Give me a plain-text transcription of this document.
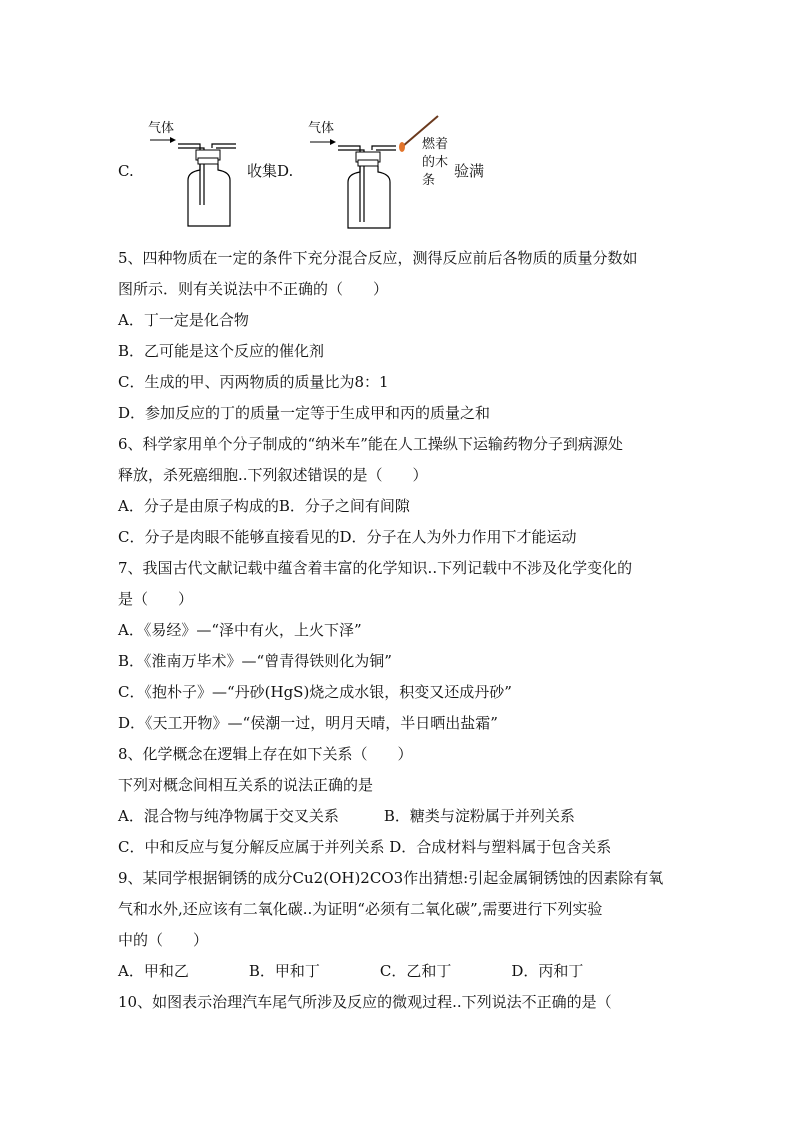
C.
气体
收集D.
气体
燃着
的木
条
验满
5、四种物质在一定的条件下充分混合反应，测得反应前后各物质的质量分数如
图所示．则有关说法中不正确的（　　）
A．丁一定是化合物
B．乙可能是这个反应的催化剂
C．生成的甲、丙两物质的质量比为8：1
D．参加反应的丁的质量一定等于生成甲和丙的质量之和
6、科学家用单个分子制成的“纳米车”能在人工操纵下运输药物分子到病源处
释放，杀死癌细胞..下列叙述错误的是（　　）
A．分子是由原子构成的B．分子之间有间隙
C．分子是肉眼不能够直接看见的D．分子在人为外力作用下才能运动
7、我国古代文献记载中蕴含着丰富的化学知识..下列记载中不涉及化学变化的
是（　　）
A．《易经》—“泽中有火，上火下泽”
B．《淮南万毕术》—“曾青得铁则化为铜”
C．《抱朴子》—“丹砂(HgS)烧之成水银，积变又还成丹砂”
D．《天工开物》—“侯潮一过，明月天晴，半日晒出盐霜”
8、化学概念在逻辑上存在如下关系（　　）
下列对概念间相互关系的说法正确的是
A．混合物与纯净物属于交叉关系　　　B．糖类与淀粉属于并列关系
C．中和反应与复分解反应属于并列关系 D．合成材料与塑料属于包含关系
9、某同学根据铜锈的成分Cu2(OH)2CO3作出猜想:引起金属铜锈蚀的因素除有氧
气和水外,还应该有二氧化碳..为证明“必须有二氧化碳”,需要进行下列实验
中的（　　）
A．甲和乙　　　　B．甲和丁　　　　C．乙和丁　　　　D．丙和丁
10、如图表示治理汽车尾气所涉及反应的微观过程..下列说法不正确的是（
